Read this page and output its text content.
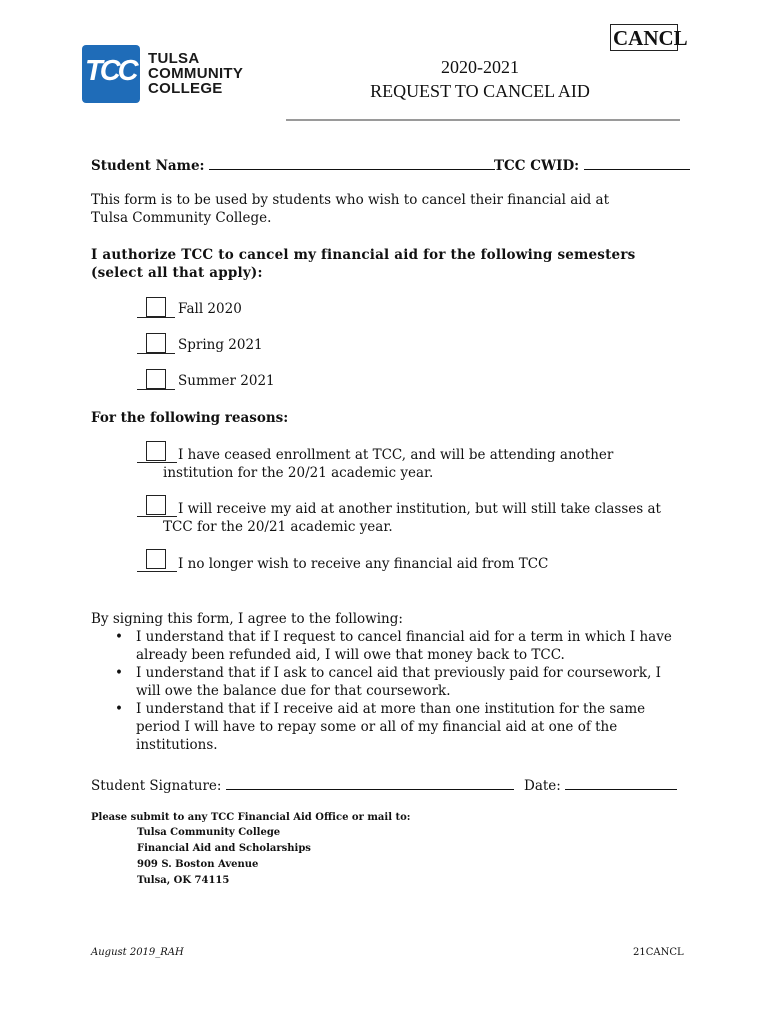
CANCL
TCC TULSA
COMMUNITY
COLLEGE
2020-2021
REQUEST TO CANCEL AID
Student Name:	TCC CWID:
This form is to be used by students who wish to cancel their financial aid at Tulsa Community College.
I authorize TCC to cancel my financial aid for the following semesters (select all that apply):
Fall 2020
Spring 2021
Summer 2021
For the following reasons:
I have ceased enrollment at TCC, and will be attending another institution for the 20/21 academic year.
I will receive my aid at another institution, but will still take classes at TCC for the 20/21 academic year.
I no longer wish to receive any financial aid from TCC
By signing this form, I agree to the following:
• I understand that if I request to cancel financial aid for a term in which I have already been refunded aid, I will owe that money back to TCC.
• I understand that if I ask to cancel aid that previously paid for coursework, I will owe the balance due for that coursework.
• I understand that if I receive aid at more than one institution for the same period I will have to repay some or all of my financial aid at one of the institutions.
Student Signature:	Date:
Please submit to any TCC Financial Aid Office or mail to:
Tulsa Community College
Financial Aid and Scholarships
909 S. Boston Avenue
Tulsa, OK 74115
August 2019_RAH	21CANCL
